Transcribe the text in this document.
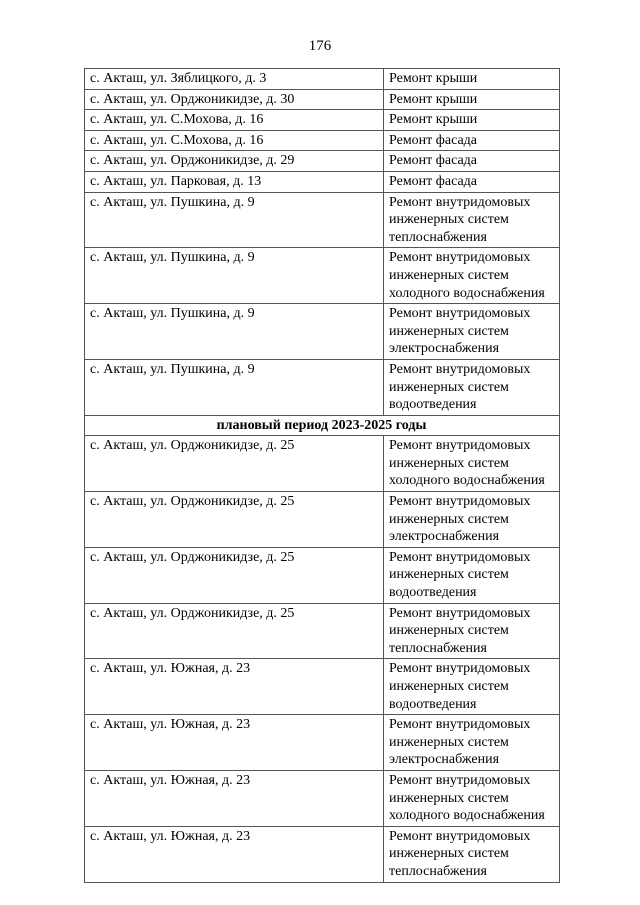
176
с. Акташ, ул. Зяблицкого, д. 3	Ремонт крыши
с. Акташ, ул. Орджоникидзе, д. 30	Ремонт крыши
с. Акташ, ул. С.Мохова, д. 16	Ремонт крыши
с. Акташ, ул. С.Мохова, д. 16	Ремонт фасада
с. Акташ, ул. Орджоникидзе, д. 29	Ремонт фасада
с. Акташ, ул. Парковая, д. 13	Ремонт фасада
с. Акташ, ул. Пушкина, д. 9	Ремонт внутридомовых
инженерных систем
теплоснабжения
с. Акташ, ул. Пушкина, д. 9	Ремонт внутридомовых
инженерных систем
холодного водоснабжения
с. Акташ, ул. Пушкина, д. 9	Ремонт внутридомовых
инженерных систем
электроснабжения
с. Акташ, ул. Пушкина, д. 9	Ремонт внутридомовых
инженерных систем
водоотведения
плановый период 2023-2025 годы	
с. Акташ, ул. Орджоникидзе, д. 25	Ремонт внутридомовых
инженерных систем
холодного водоснабжения
с. Акташ, ул. Орджоникидзе, д. 25	Ремонт внутридомовых
инженерных систем
электроснабжения
с. Акташ, ул. Орджоникидзе, д. 25	Ремонт внутридомовых
инженерных систем
водоотведения
с. Акташ, ул. Орджоникидзе, д. 25	Ремонт внутридомовых
инженерных систем
теплоснабжения
с. Акташ, ул. Южная, д. 23	Ремонт внутридомовых
инженерных систем
водоотведения
с. Акташ, ул. Южная, д. 23	Ремонт внутридомовых
инженерных систем
электроснабжения
с. Акташ, ул. Южная, д. 23	Ремонт внутридомовых
инженерных систем
холодного водоснабжения
с. Акташ, ул. Южная, д. 23	Ремонт внутридомовых
инженерных систем
теплоснабжения
